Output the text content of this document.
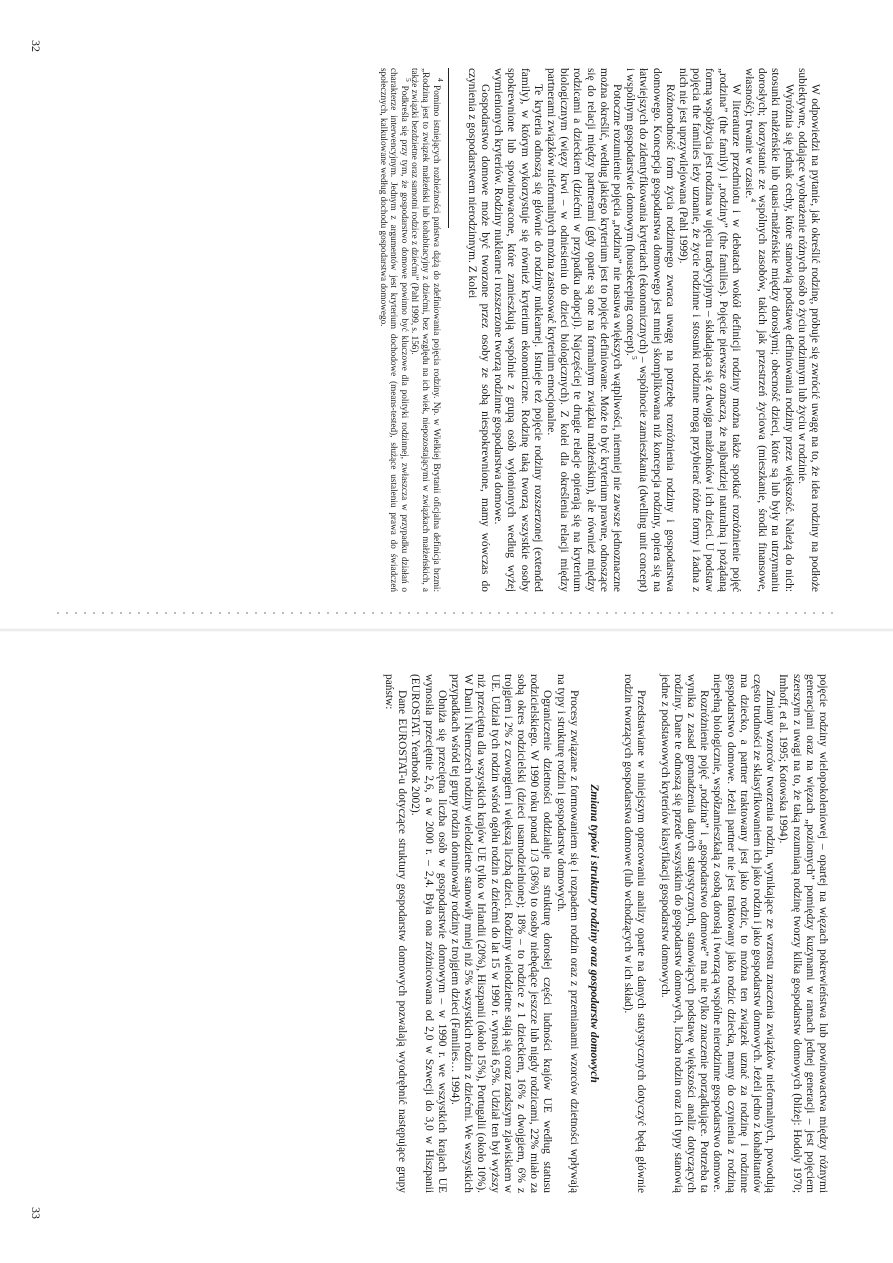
W odpowiedzi na pytanie, jak określić rodzinę, próbuje się zwrócić uwagę na to, że idea rodziny na podłoże subiektywne, oddające wyobrażenie różnych osób o życiu rodzinnym lub życiu w rodzinie.

Wyróżnia się jednak cechy, które stanowią podstawę definiowania rodziny przez większość. Należą do nich: stosunki małżeńskie lub quasi-małżeńskie między dorosłymi; obecność dzieci, które są lub były na utrzymaniu dorosłych; korzystanie ze wspólnych zasobów, takich jak przestrzeń życiowa (mieszkanie, środki finansowe, własność); trwanie w czasie.$^4$

W literaturze przedmiotu i w debatach wokół definicji rodziny można także spotkać rozróżnienie pojęć „rodzina” (the family) i „rodziny” (the families). Pojęcie pierwsze oznacza, że najbardziej naturalną i pożądaną formą współżycia jest rodzina w ujęciu tradycyjnym – składająca się z dwojga małżonków i ich dzieci. U podstaw pojęcia the families leży uznanie, że życie rodzinne i stosunki rodzinne mogą przybierać różne formy i żadna z nich nie jest uprzywilejowana (Pahl 1999).

Różnorodność form życia rodzinnego zwraca uwagę na potrzebę rozróżnienia rodziny i gospodarstwa domowego. Koncepcja gospodarstwa domowego jest mniej skomplikowana niż koncepcja rodziny, opiera się na łatwiejszych do zidentyfikowania kryteriach (ekonomicznych) – wspólnocie zamieszkania (dwelling unit concept) i wspólnym gospodarstwie domowym (housekeeping concept).$^5$

Potoczne rozumienie pojęcia „rodzina” nie nasuwa większych wątpliwości, niemniej nie zawsze jednoznaczne można określić, według jakiego kryterium jest to pojęcie definiowane. Może to być kryterium prawne, odnoszące się do relacji między partnerami (gdy oparte są one na formalnym związku małżeńskim), ale również między rodzicami a dzieckiem (dziećmi w przypadku adopcji). Najczęściej te drugie relacje opierają się na kryterium biologicznym (więzy krwi – w odniesieniu do dzieci biologicznych). Z kolei dla określenia relacji między partnerami związków nieformalnych można zastosować kryterium emocjonalne.

Te kryteria odnoszą się głównie do rodziny nuklearnej. Istnieje też pojęcie rodziny rozszerzonej (extended family), w którym wykorzystuje się również kryterium ekonomiczne. Rodzinę taką tworzą wszystkie osoby spokrewnione lub spowinowacone, które zamieszkują wspólnie z grupą osób wyłonionych według wyżej wymienionych kryteriów. Rodziny nuklearne i rozszerzone tworzą rodzinne gospodarstwa domowe.

Gospodarstwo domowe może być tworzone przez osoby ze sobą niespokrewnione, mamy wówczas do czynienia z gospodarstwem nierodzinnym. Z kolei

$^4$ Pomimo istniejących rozbieżności państwa dążą do zdefiniowania pojęcia rodziny. Np. w Wielkiej Brytanii oficjalna definicja brzmi: „Rodziną jest to związek małżeński lub kohabitacyjny z dziećmi, bez względu na ich wiek, niepozostającymi w związkach małżeńskich, a także związki bezdzietne oraz samotni rodzice z dziećmi” (Pahl 1999, s. 156).

$^5$ Podkreśla się przy tym, że gospodarstwo domowe powinno być kluczowe dla polityki rodzinnej, zwłaszcza w przypadku działań o charakterze interwencyjnym. Jednym z argumentów jest kryterium dochodowe (means-tested), służące ustaleniu prawa do świadczeń społecznych, kalkulowane według dochodu gospodarstwa domowego.

32

pojęcie rodziny wielopokoleniowej – opartej na więzach pokrewieństwa lub powinowactwa między różnymi generacjami oraz na więzach „poziomych” pomiędzy kuzynami w ramach jednej generacji – jest pojęciem szerszym z uwagi na to, że taką rozumianą rodzinę tworzy kilka gospodarstw domowych (bliżej: Hodoly 1970; Imhoff, et al. 1995; Kotowska 1994).

Zmiany wzorców tworzenia rodzin, wynikające ze wzrostu znaczenia związków nieformalnych, powodują często trudności ze sklasyfikowaniem ich jako rodzin i jako gospodarstw domowych. Jeżeli jedno z kohabitantów ma dziecko, a partner traktowany jest jako rodzic, to można ten związek uznać za rodzinę i rodzinne gospodarstwo domowe. Jeżeli partner nie jest traktowany jako rodzic dziecka, mamy do czynienia z rodziną niepełną biologicznie, współzamieszkałą z osobą dorosłą i tworzącą wspólne nierodzinne gospodarstwo domowe.

Rozróżnienie pojęć „rodzina” i „gospodarstwo domowe” ma nie tylko znaczenie porządkujące. Potrzeba ta wynika z zasad gromadzenia danych statystycznych, stanowiących podstawę większości analiz dotyczących rodziny. Dane te odnoszą się przede wszystkim do gospodarstw domowych, liczba rodzin oraz ich typy stanowią jedne z podstawowych kryteriów klasyfikacji gospodarstw domowych.

Przedstawiane w niniejszym opracowaniu analizy oparte na danych statystycznych dotyczyć będą głównie rodzin tworzących gospodarstwa domowe (lub wchodzących w ich skład).

Zmiana typów i struktury rodziny oraz gospodarstw domowych

Procesy związane z formowaniem się i rozpadem rodzin oraz z przemianami wzorców dzietności wpływają na typy i strukturę rodzin i gospodarstw domowych.

Ograniczenie dzietności oddziałuje na strukturę dorosłej części ludności krajów UE według statusu rodzicielskiego. W 1990 roku ponad 1/3 (36%) to osoby niebędące jeszcze lub nigdy rodzicami, 22% miało za sobą okres rodzicielski (dzieci usamodzielnione); 18% – to rodzice z 1 dzieckiem, 16% z dwojgiem, 6% z trojgiem i 2% z czworgiem i większą liczbą dzieci. Rodziny wielodzietne stają się coraz rzadszym zjawiskiem w UE. Udział tych rodzin wśród ogółu rodzin z dziećmi do lat 15 w 1990 r. wynosił 6,5%. Udział ten był wyższy niż przeciętna dla wszystkich krajów UE tylko w Irlandii (20%), Hiszpanii (około 15%), Portugalii (około 10%). W Danii i Niemczech rodziny wielodzietne stanowiły mniej niż 5% wszystkich rodzin z dziećmi. We wszystkich przypadkach wśród tej grupy rodzin dominowały rodziny z trojgiem dzieci (Families… 1994).

Obniża się przeciętna liczba osób w gospodarstwie domowym – w 1990 r. we wszystkich krajach UE wynosiła przeciętnie 2,6, a w 2000 r. – 2,4. Była ona zróżnicowana od 2,0 w Szwecji do 3,0 w Hiszpanii (EUROSTAT. Yearbook 2002).

Dane EUROSTAT-u dotyczące struktury gospodarstw domowych pozwalają wyodrębnić następujące grupy państw:

33
